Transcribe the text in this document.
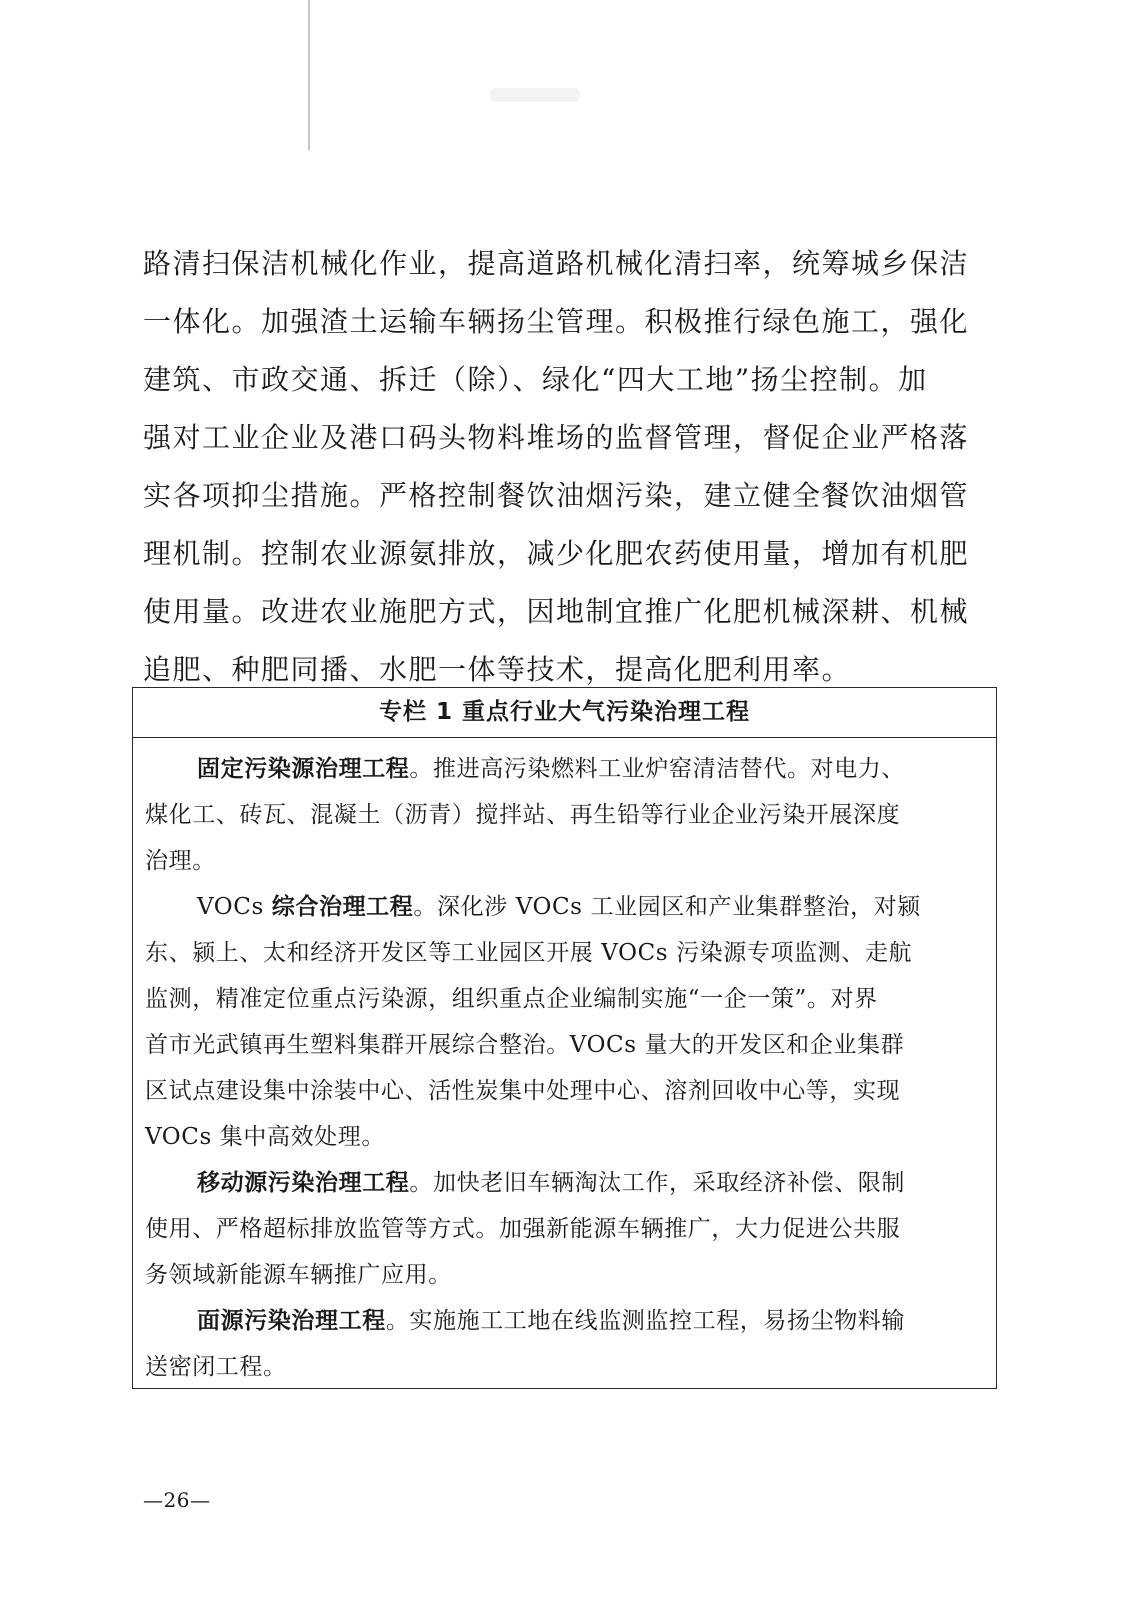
路清扫保洁机械化作业，提高道路机械化清扫率，统筹城乡保洁
一体化。加强渣土运输车辆扬尘管理。积极推行绿色施工，强化
建筑、市政交通、拆迁（除）、绿化“四大工地”扬尘控制。加
强对工业企业及港口码头物料堆场的监督管理，督促企业严格落
实各项抑尘措施。严格控制餐饮油烟污染，建立健全餐饮油烟管
理机制。控制农业源氨排放，减少化肥农药使用量，增加有机肥
使用量。改进农业施肥方式，因地制宜推广化肥机械深耕、机械
追肥、种肥同播、水肥一体等技术，提高化肥利用率。
专栏 1 重点行业大气污染治理工程
固定污染源治理工程。推进高污染燃料工业炉窑清洁替代。对电力、
煤化工、砖瓦、混凝土（沥青）搅拌站、再生铅等行业企业污染开展深度
治理。
VOCs 综合治理工程。深化涉 VOCs 工业园区和产业集群整治，对颍
东、颍上、太和经济开发区等工业园区开展 VOCs 污染源专项监测、走航
监测，精准定位重点污染源，组织重点企业编制实施“一企一策”。对界
首市光武镇再生塑料集群开展综合整治。VOCs 量大的开发区和企业集群
区试点建设集中涂装中心、活性炭集中处理中心、溶剂回收中心等，实现
VOCs 集中高效处理。
移动源污染治理工程。加快老旧车辆淘汰工作，采取经济补偿、限制
使用、严格超标排放监管等方式。加强新能源车辆推广，大力促进公共服
务领域新能源车辆推广应用。
面源污染治理工程。实施施工工地在线监测监控工程，易扬尘物料输
送密闭工程。
—26—
